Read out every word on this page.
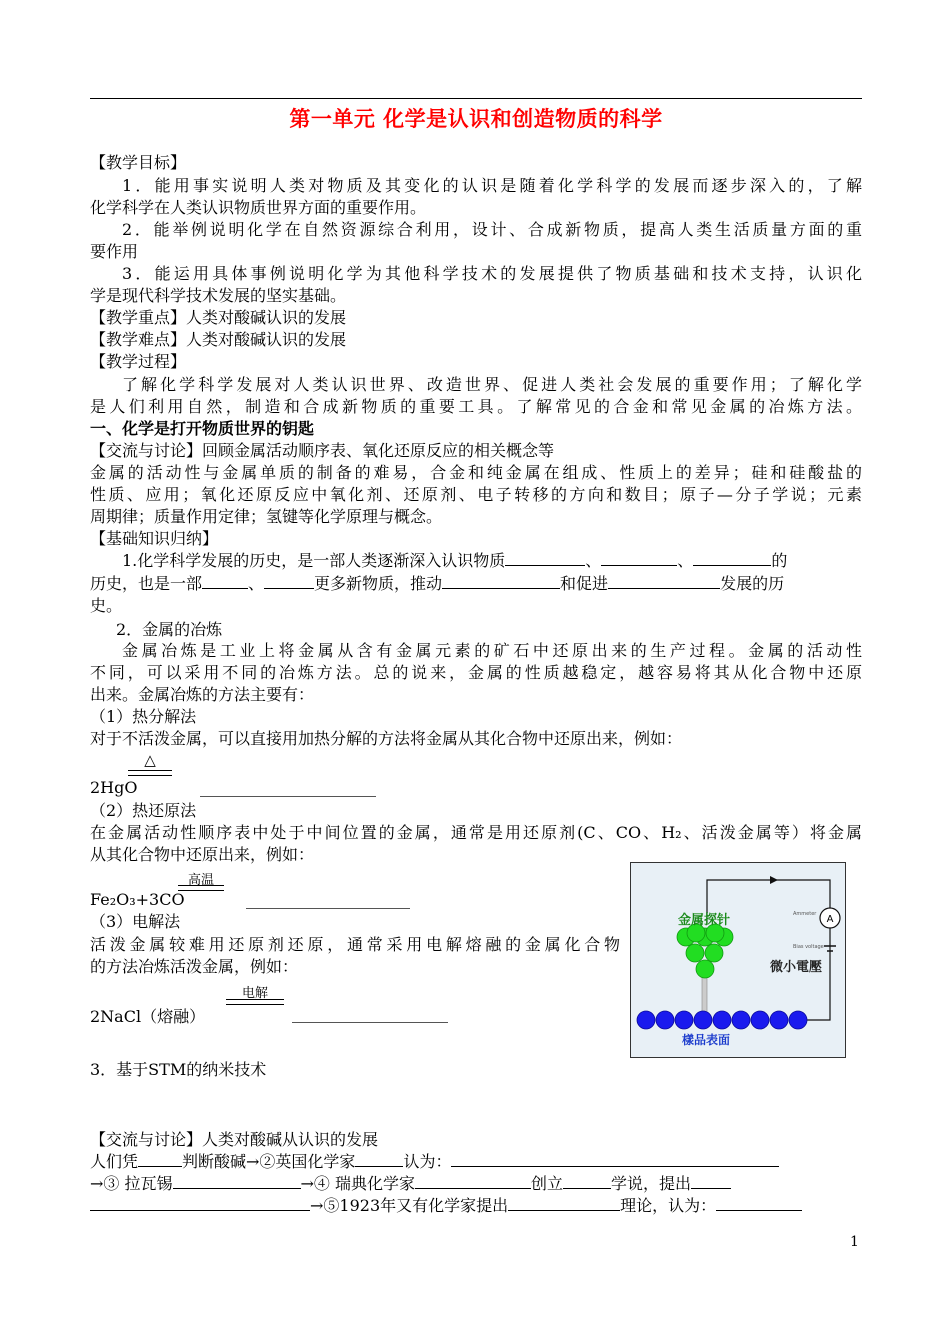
第一单元 化学是认识和创造物质的科学
【教学目标】
1．能用事实说明人类对物质及其变化的认识是随着化学科学的发展而逐步深入的，了解
化学科学在人类认识物质世界方面的重要作用。
2．能举例说明化学在自然资源综合利用，设计、合成新物质，提高人类生活质量方面的重
要作用
3．能运用具体事例说明化学为其他科学技术的发展提供了物质基础和技术支持，认识化
学是现代科学技术发展的坚实基础。
【教学重点】人类对酸碱认识的发展
【教学难点】人类对酸碱认识的发展
【教学过程】
了解化学科学发展对人类认识世界、改造世界、促进人类社会发展的重要作用；了解化学
是人们利用自然，制造和合成新物质的重要工具。了解常见的合金和常见金属的冶炼方法。
一、化学是打开物质世界的钥匙
【交流与讨论】回顾金属活动顺序表、氧化还原反应的相关概念等
金属的活动性与金属单质的制备的难易，合金和纯金属在组成、性质上的差异；硅和硅酸盐的
性质、应用；氧化还原反应中氧化剂、还原剂、电子转移的方向和数目；原子—分子学说；元素
周期律；质量作用定律；氢键等化学原理与概念。
【基础知识归纳】
1.化学科学发展的历史，是一部人类逐渐深入认识物质	、	、	的
历史，也是一部	、	更多新物质，推动	和促进	发展的历
史。
2．金属的冶炼
金属冶炼是工业上将金属从含有金属元素的矿石中还原出来的生产过程。金属的活动性
不同，可以采用不同的冶炼方法。总的说来，金属的性质越稳定，越容易将其从化合物中还原
出来。金属冶炼的方法主要有：
（1）热分解法
对于不活泼金属，可以直接用加热分解的方法将金属从其化合物中还原出来，例如：
△
2HgO
（2）热还原法
在金属活动性顺序表中处于中间位置的金属，通常是用还原剂(C、CO、H₂、活泼金属等）将金属
从其化合物中还原出来，例如：
高温
Fe₂O₃+3CO
（3）电解法
活泼金属较难用还原剂还原，通常采用电解熔融的金属化合物
的方法冶炼活泼金属，例如：
电解
2NaCl（熔融）
3．基于STM的纳米技术
A
Ammeter
Bias voltage
金属探针
微小電壓
樣品表面
【交流与讨论】人类对酸碱从认识的发展
人们凭	判断酸碱→②英国化学家	认为：
→③ 拉瓦锡	→④ 瑞典化学家	创立	学说，提出
→⑤1923年又有化学家提出	理论，认为：
1
